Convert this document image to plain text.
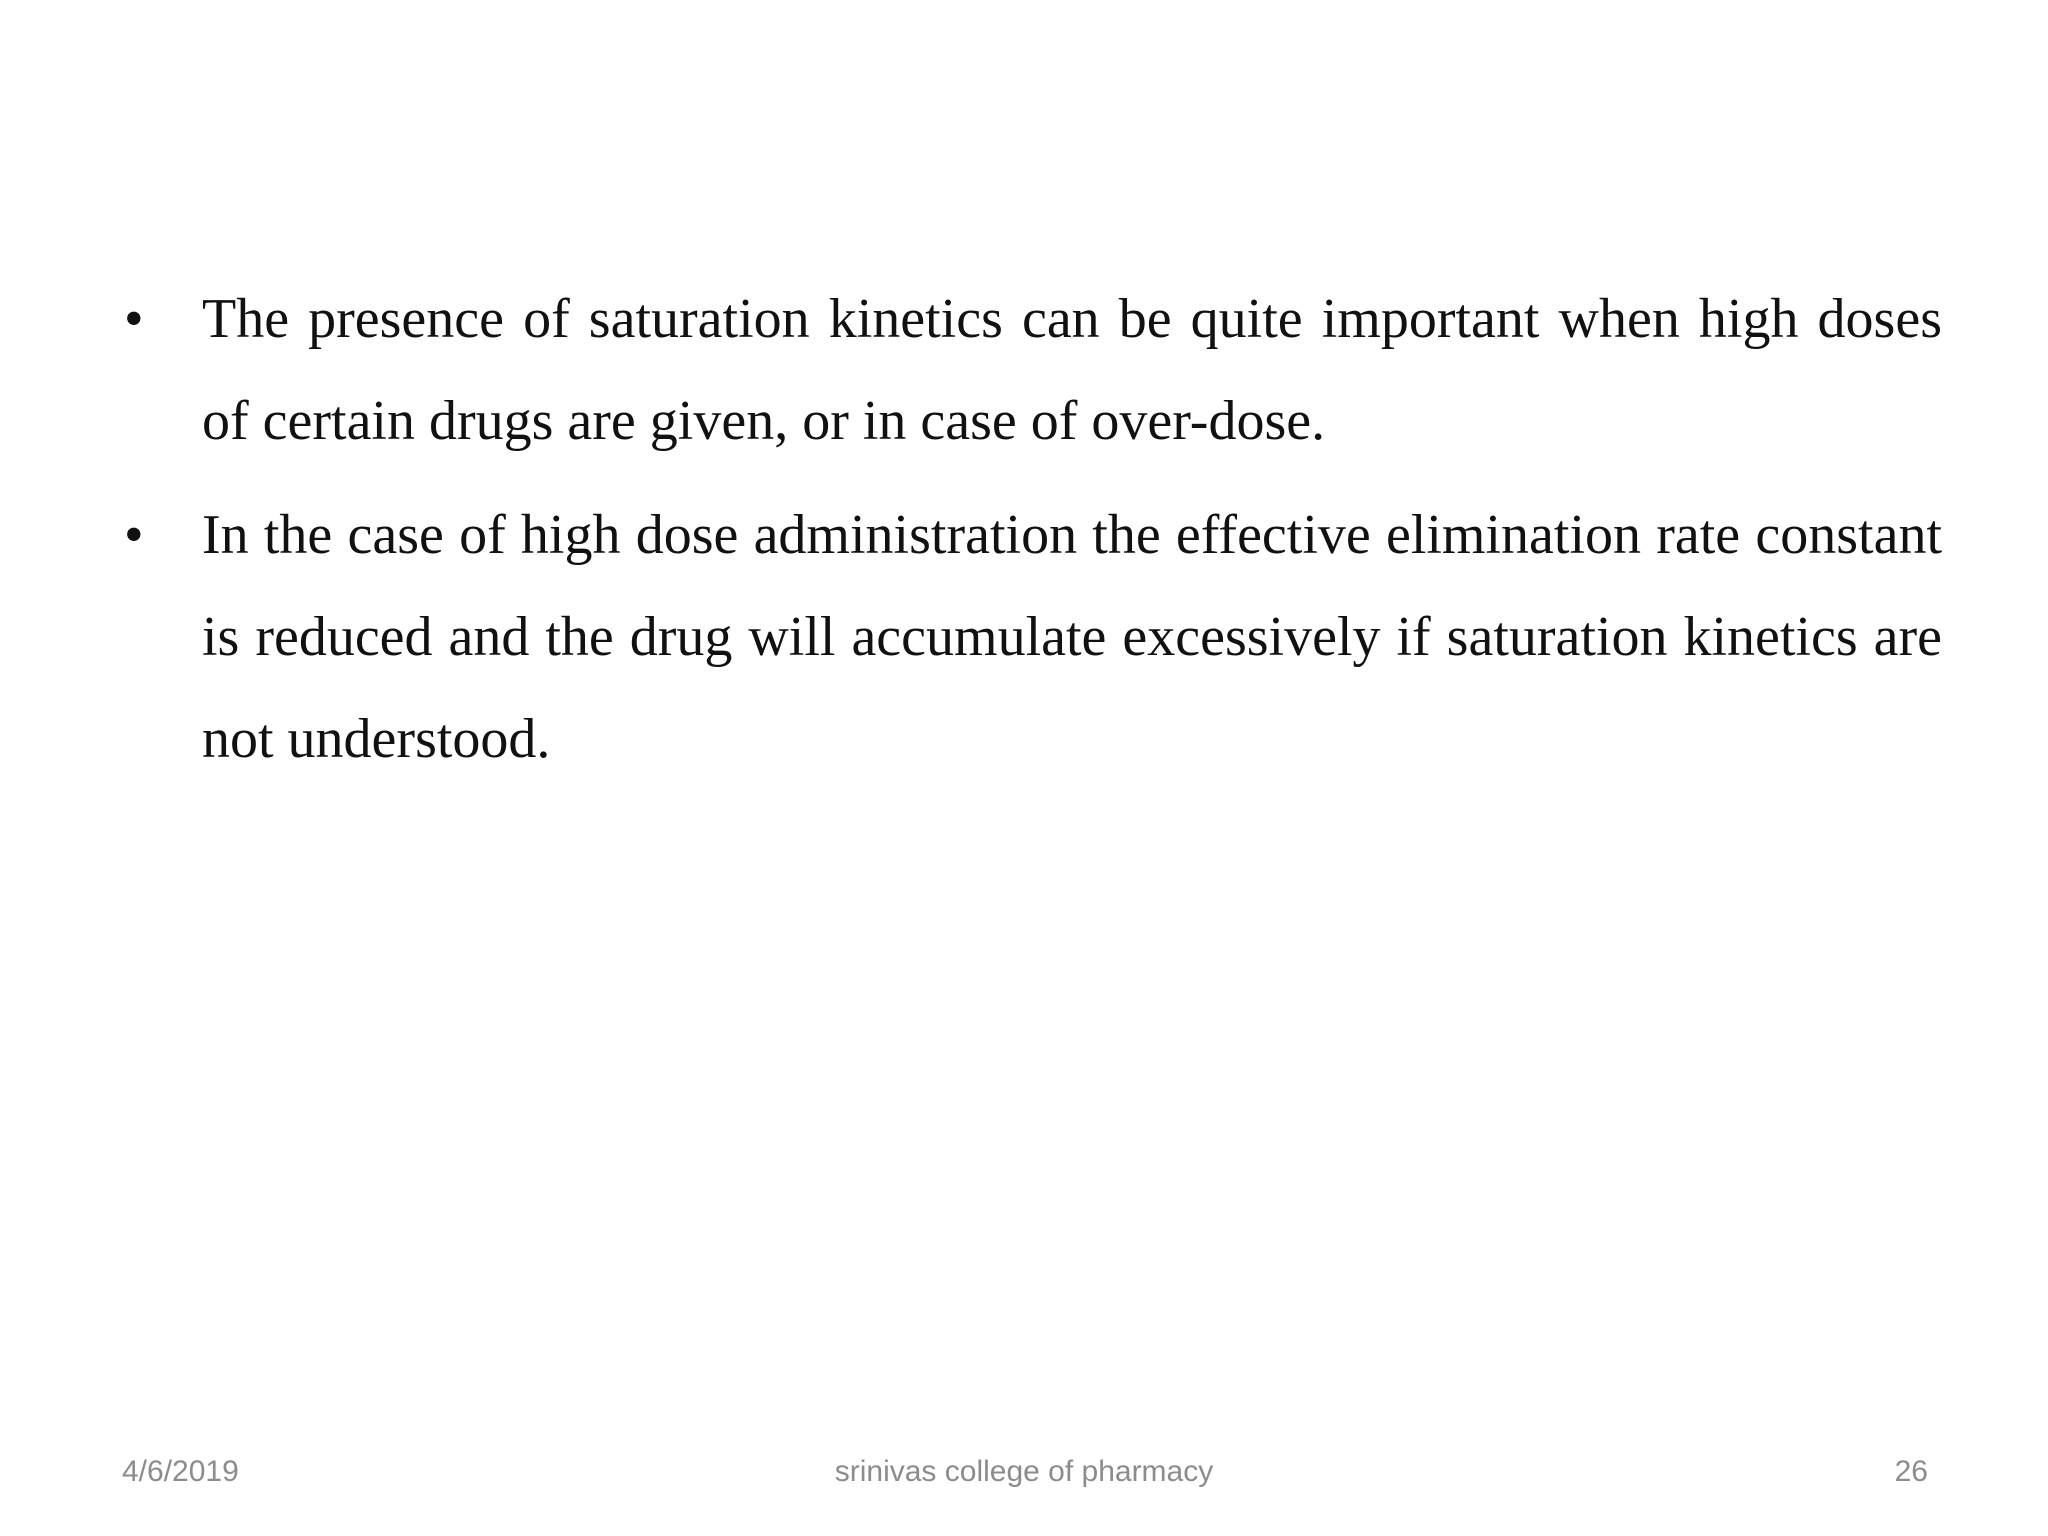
•	The presence of saturation kinetics can be quite important when high doses of certain drugs are given, or in case of over-dose.
•	In the case of high dose administration the effective elimination rate constant is reduced and the drug will accumulate excessively if saturation kinetics are not understood.
srinivas college of pharmacy
4/6/2019	26
